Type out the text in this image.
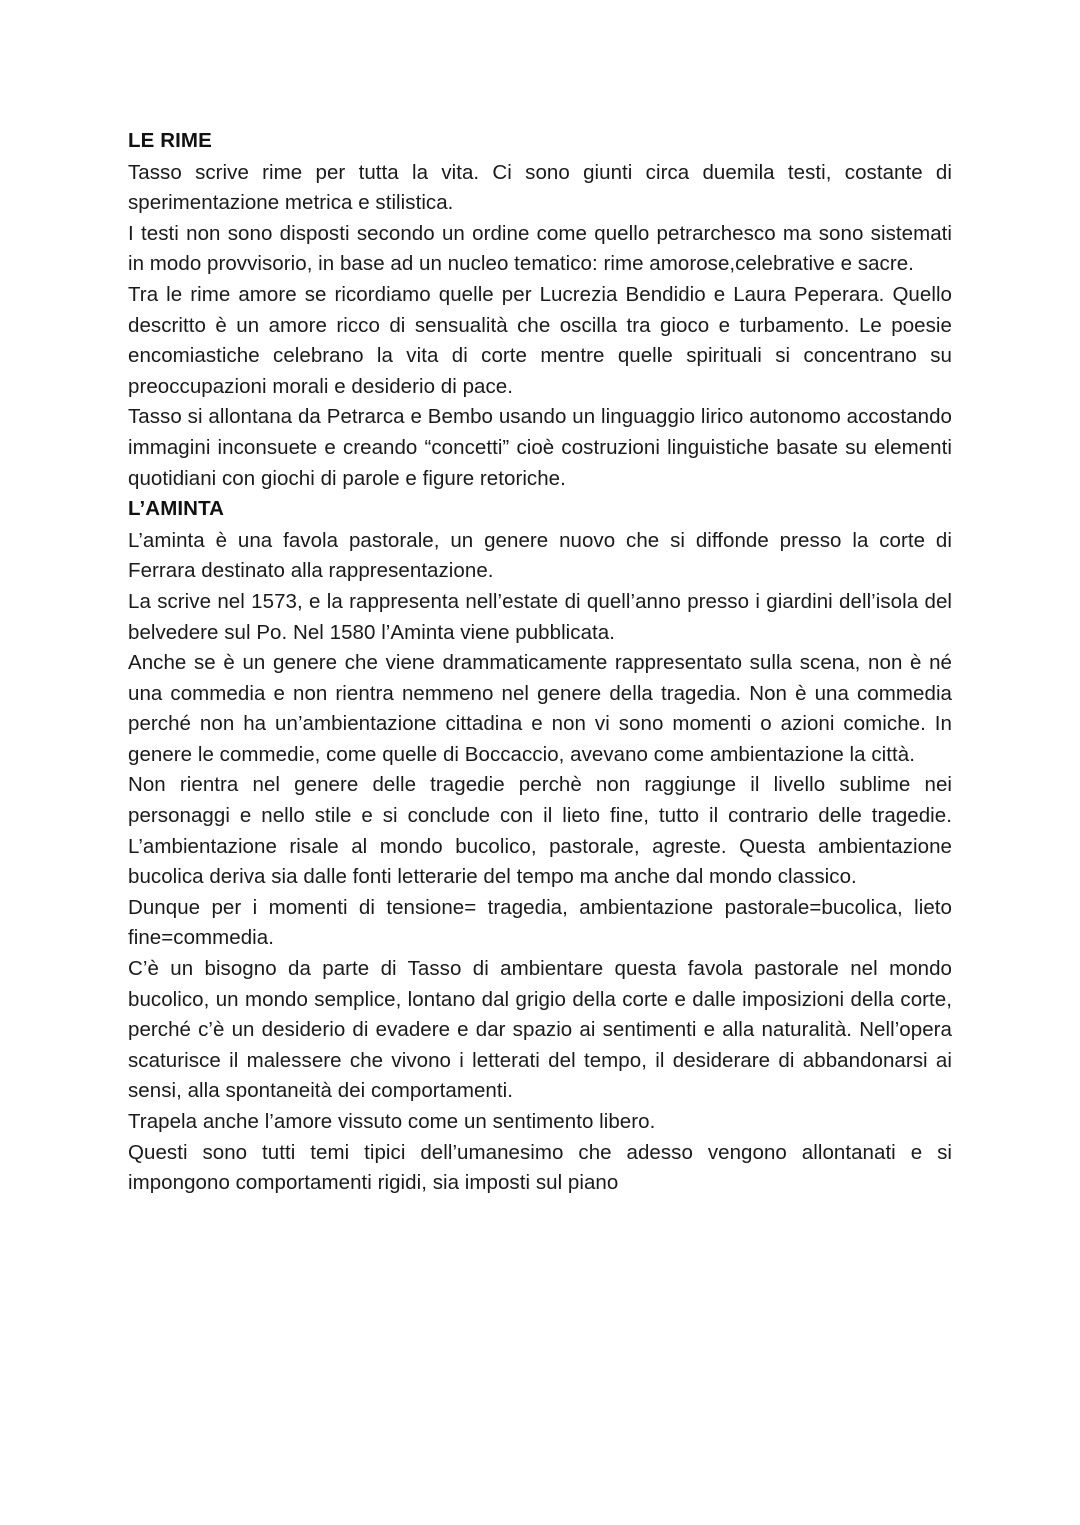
LE RIME

Tasso scrive rime per tutta la vita. Ci sono giunti circa duemila testi, costante di sperimentazione metrica e stilistica.

I testi non sono disposti secondo un ordine come quello petrarchesco ma sono sistemati in modo provvisorio, in base ad un nucleo tematico: rime amorose,celebrative e sacre.

Tra le rime amore se ricordiamo quelle per Lucrezia Bendidio e Laura Peperara. Quello descritto è un amore ricco di sensualità che oscilla tra gioco e turbamento. Le poesie encomiastiche celebrano la vita di corte mentre quelle spirituali si concentrano su preoccupazioni morali e desiderio di pace.

Tasso si allontana da Petrarca e Bembo usando un linguaggio lirico autonomo accostando immagini inconsuete e creando “concetti” cioè costruzioni linguistiche basate su elementi quotidiani con giochi di parole e figure retoriche.

L’AMINTA

L’aminta è una favola pastorale, un genere nuovo che si diffonde presso la corte di Ferrara destinato alla rappresentazione.

La scrive nel 1573, e la rappresenta nell’estate di quell’anno presso i giardini dell’isola del belvedere sul Po. Nel 1580 l’Aminta viene pubblicata.

Anche se è un genere che viene drammaticamente rappresentato sulla scena, non è né una commedia e non rientra nemmeno nel genere della tragedia. Non è una commedia perché non ha un’ambientazione cittadina e non vi sono momenti o azioni comiche. In genere le commedie, come quelle di Boccaccio, avevano come ambientazione la città.

Non rientra nel genere delle tragedie perchè non raggiunge il livello sublime nei personaggi e nello stile e si conclude con il lieto fine, tutto il contrario delle tragedie. L’ambientazione risale al mondo bucolico, pastorale, agreste. Questa ambientazione bucolica deriva sia dalle fonti letterarie del tempo ma anche dal mondo classico.

Dunque per i momenti di tensione= tragedia, ambientazione pastorale=bucolica, lieto fine=commedia.

C’è un bisogno da parte di Tasso di ambientare questa favola pastorale nel mondo bucolico, un mondo semplice, lontano dal grigio della corte e dalle imposizioni della corte, perché c’è un desiderio di evadere e dar spazio ai sentimenti e alla naturalità. Nell’opera scaturisce il malessere che vivono i letterati del tempo, il desiderare di abbandonarsi ai sensi, alla spontaneità dei comportamenti.

Trapela anche l’amore vissuto come un sentimento libero.

Questi sono tutti temi tipici dell’umanesimo che adesso vengono allontanati e si impongono comportamenti rigidi, sia imposti sul piano
